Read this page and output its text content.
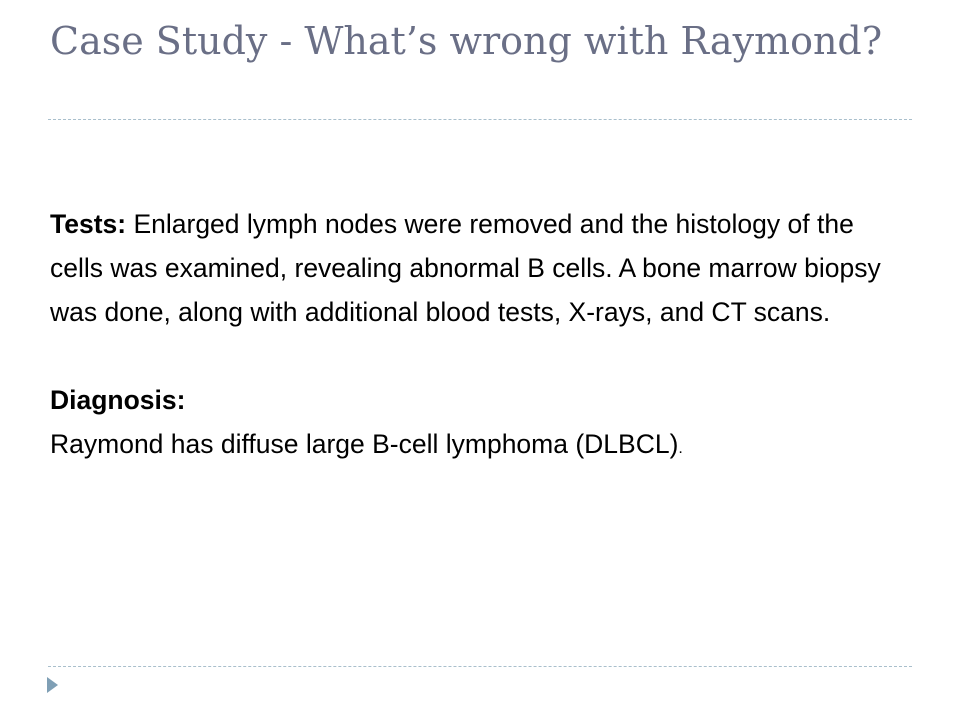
Case Study - What’s wrong with Raymond?

Tests: Enlarged lymph nodes were removed and the histology of the cells was examined, revealing abnormal B cells. A bone marrow biopsy was done, along with additional blood tests, X-rays, and CT scans.

Diagnosis:

Raymond has diffuse large B-cell lymphoma (DLBCL).
